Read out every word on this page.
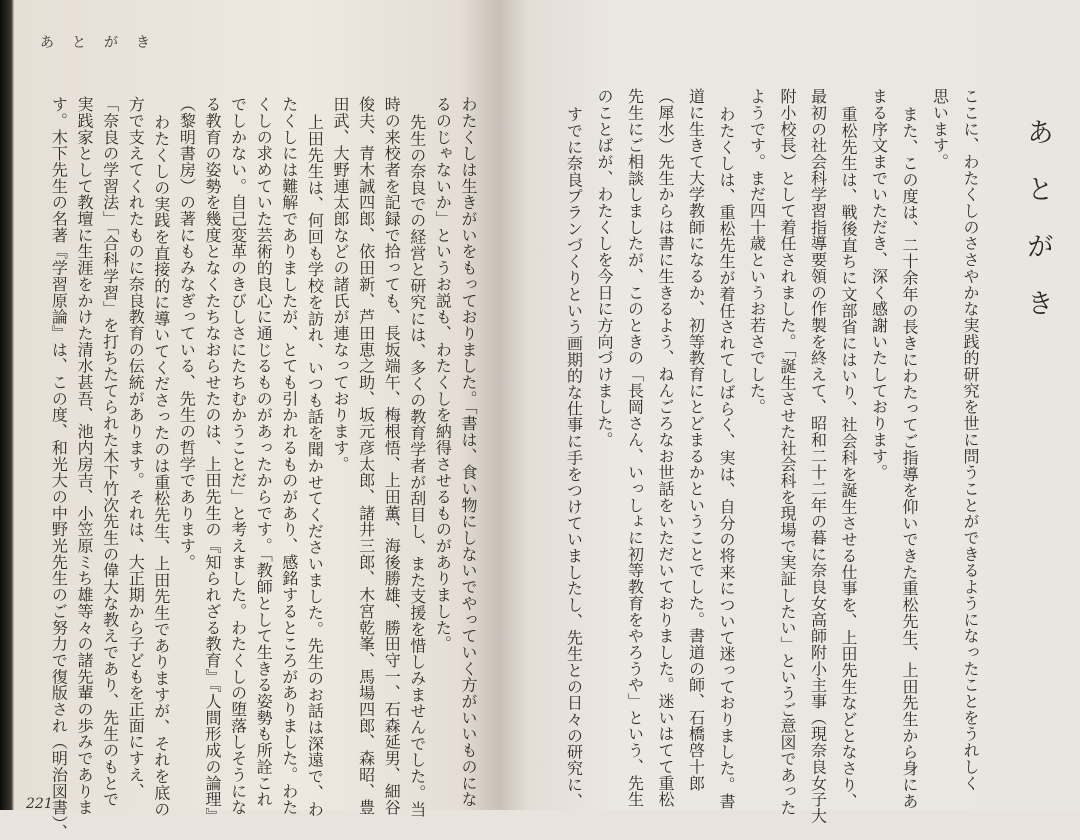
あとがき
221
あとがき
わたくしは生きがいをもっておりました。「書は、食い物にしないでやっていく方がいいものにな
るのじゃないか」というお説も、わたくしを納得させるものがありました。
先生の奈良での経営と研究には、多くの教育学者が刮目し、また支援を惜しみませんでした。当
時の来校者を記録で拾っても、長坂端午、梅根悟、上田薫、海後勝雄、勝田守一、石森延男、細谷
俊夫、青木誠四郎、依田新、芦田恵之助、坂元彦太郎、諸井三郎、木宮乾峯、馬場四郎、森昭、豊
田武、大野連太郎などの諸氏が連なっております。
上田先生は、何回も学校を訪れ、いつも話を聞かせてくださいました。先生のお話は深遠で、わ
たくしには難解でありましたが、とても引かれるものがあり、感銘するところがありました。わた
くしの求めていた芸術的良心に通じるものがあったからです。「教師として生きる姿勢も所詮これ
でしかない。自己変革のきびしさにたちむかうことだ」と考えました。わたくしの堕落しそうにな
る教育の姿勢を幾度となくたちなおらせたのは、上田先生の『知られざる教育』『人間形成の論理』
（黎明書房）の著にもみなぎっている、先生の哲学であります。
わたくしの実践を直接的に導いてくださったのは重松先生、上田先生でありますが、それを底の
方で支えてくれたものに奈良教育の伝統があります。それは、大正期から子どもを正面にすえ、
「奈良の学習法」「合科学習」を打ちたてられた木下竹次先生の偉大な教えであり、先生のもとで
実践家として教壇に生涯をかけた清水甚吾、池内房吉、小笠原ミち雄等々の諸先輩の歩みでありま
す。木下先生の名著『学習原論』は、この度、和光大の中野光先生のご努力で復版され（明治図書）、	ここに、わたくしのささやかな実践的研究を世に問うことができるようになったことをうれしく
思います。
また、この度は、二十余年の長きにわたってご指導を仰いできた重松先生、上田先生から身にあ
まる序文までいただき、深く感謝いたしております。
重松先生は、戦後直ちに文部省にはいり、社会科を誕生させる仕事を、上田先生などとなさり、
最初の社会科学習指導要領の作製を終えて、昭和二十二年の暮に奈良女高師附小主事（現奈良女子大
附小校長）として着任されました。「誕生させた社会科を現場で実証したい」というご意図であった
ようです。まだ四十歳というお若さでした。
わたくしは、重松先生が着任されてしばらく、実は、自分の将来について迷っておりました。書
道に生きて大学教師になるか、初等教育にとどまるかということでした。書道の師、石橋啓十郎
（犀水）先生からは書に生きるよう、ねんごろなお世話をいただいておりました。迷いはてて重松
先生にご相談しましたが、このときの「長岡さん、いっしょに初等教育をやろうや」という、先生
のことばが、わたくしを今日に方向づけました。
すでに奈良プランづくりという画期的な仕事に手をつけていましたし、先生との日々の研究に、
